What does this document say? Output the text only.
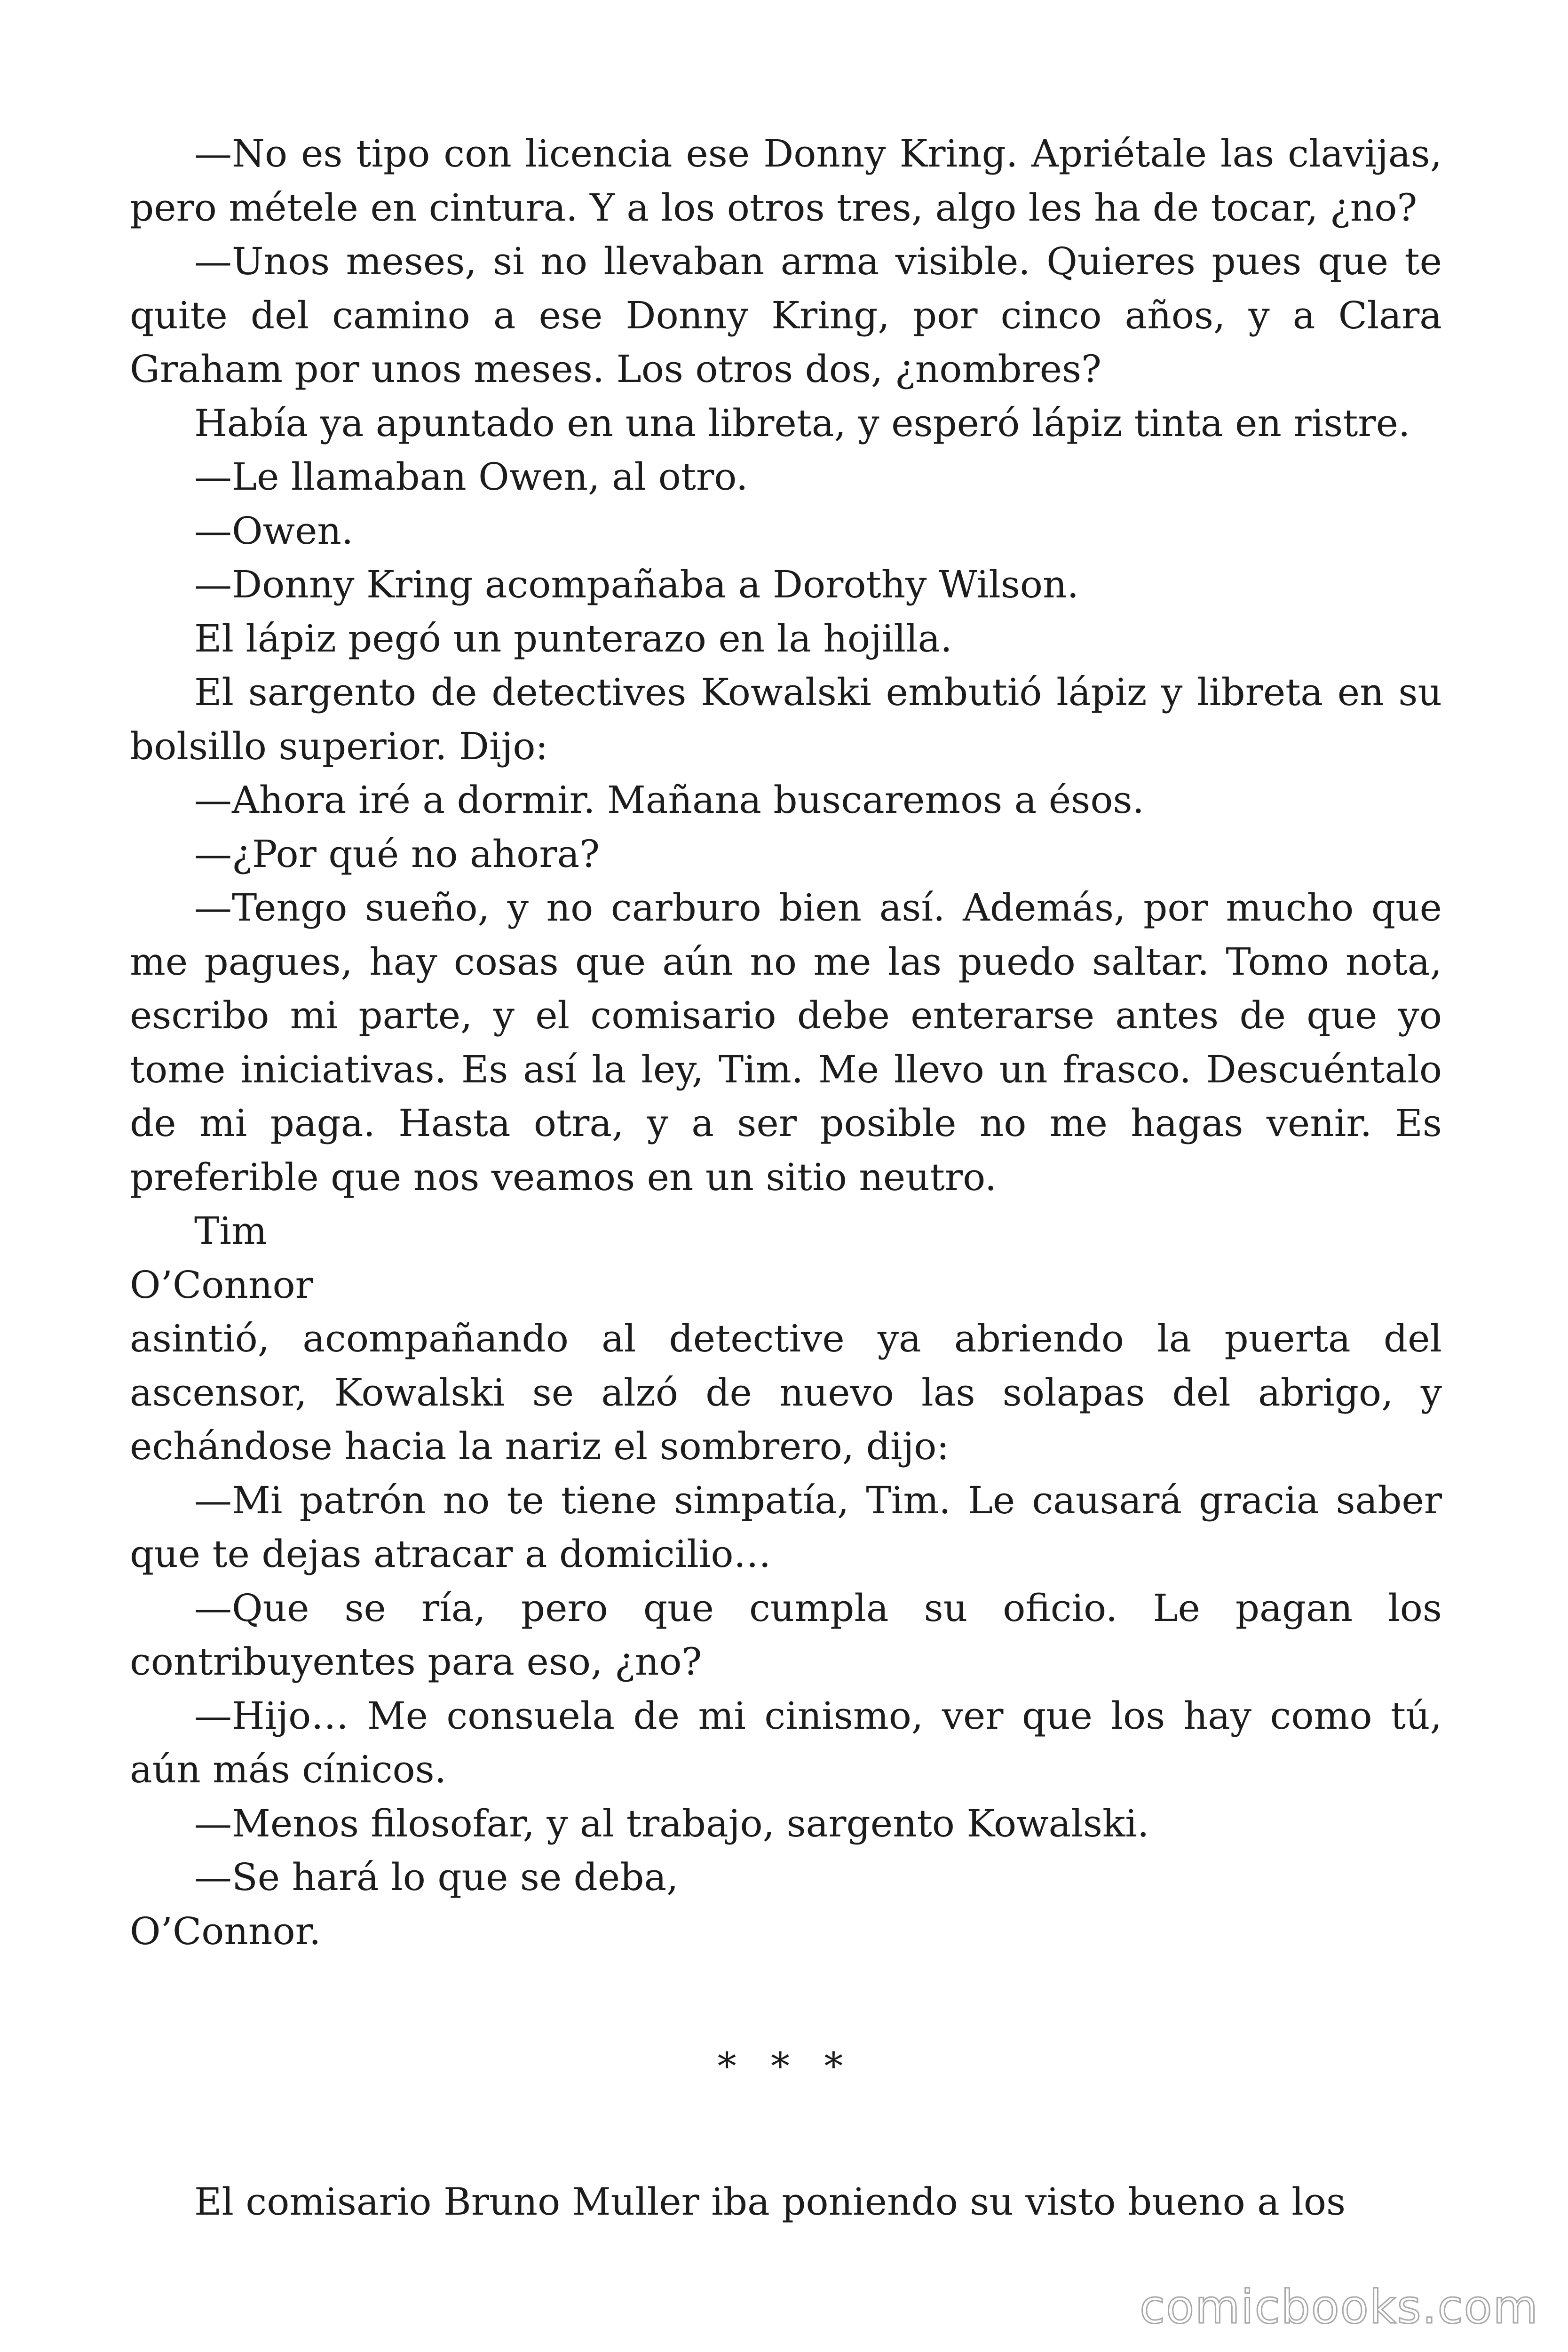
—No es tipo con licencia ese Donny Kring. Apriétale las clavijas, pero métele en cintura. Y a los otros tres, algo les ha de tocar, ¿no?

—Unos meses, si no llevaban arma visible. Quieres pues que te quite del camino a ese Donny Kring, por cinco años, y a Clara Graham por unos meses. Los otros dos, ¿nombres?

Había ya apuntado en una libreta, y esperó lápiz tinta en ristre.

—Le llamaban Owen, al otro.

—Owen.

—Donny Kring acompañaba a Dorothy Wilson.

El lápiz pegó un punterazo en la hojilla.

El sargento de detectives Kowalski embutió lápiz y libreta en su bolsillo superior. Dijo:

—Ahora iré a dormir. Mañana buscaremos a ésos.

—¿Por qué no ahora?

—Tengo sueño, y no carburo bien así. Además, por mucho que me pagues, hay cosas que aún no me las puedo saltar. Tomo nota, escribo mi parte, y el comisario debe enterarse antes de que yo tome iniciativas. Es así la ley, Tim. Me llevo un frasco. Descuéntalo de mi paga. Hasta otra, y a ser posible no me hagas venir. Es preferible que nos veamos en un sitio neutro.

Tim

O’Connor

asintió, acompañando al detective ya abriendo la puerta del ascensor, Kowalski se alzó de nuevo las solapas del abrigo, y echándose hacia la nariz el sombrero, dijo:

—Mi patrón no te tiene simpatía, Tim. Le causará gracia saber que te dejas atracar a domicilio…

—Que se ría, pero que cumpla su oficio. Le pagan los contribuyentes para eso, ¿no?

—Hijo… Me consuela de mi cinismo, ver que los hay como tú, aún más cínicos.

—Menos filosofar, y al trabajo, sargento Kowalski.

—Se hará lo que se deba,

O’Connor.

* * *

El comisario Bruno Muller iba poniendo su visto bueno a los

comicbooks.com
